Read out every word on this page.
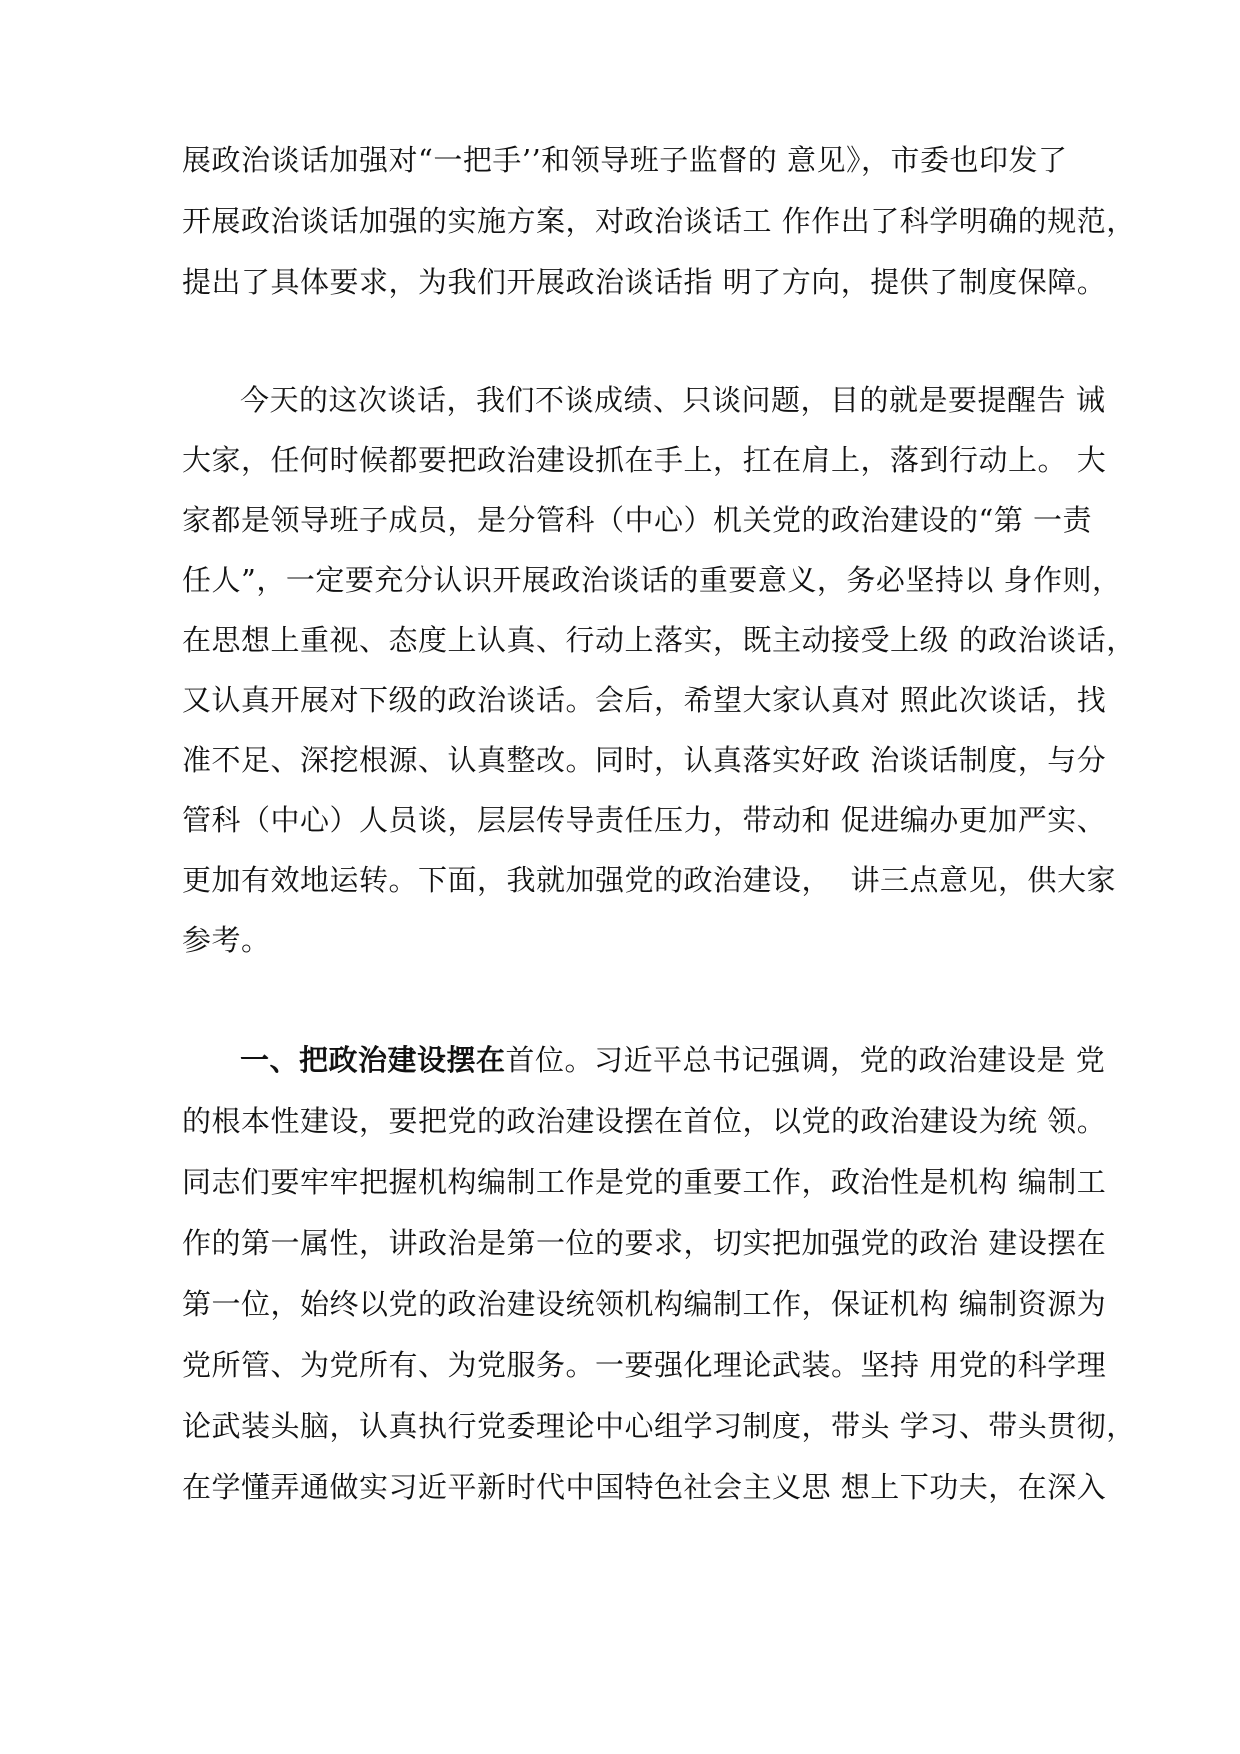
展政治谈话加强对“一把手’’和领导班子监督的 意见》，市委也印发了
开展政治谈话加强的实施方案，对政治谈话工 作作出了科学明确的规范，
提出了具体要求，为我们开展政治谈话指 明了方向，提供了制度保障。
今天的这次谈话，我们不谈成绩、只谈问题，目的就是要提醒告 诫
大家，任何时候都要把政治建设抓在手上，扛在肩上，落到行动上。 大
家都是领导班子成员，是分管科（中心）机关党的政治建设的“第 一责
任人”，一定要充分认识开展政治谈话的重要意义，务必坚持以 身作则，
在思想上重视、态度上认真、行动上落实，既主动接受上级 的政治谈话，
又认真开展对下级的政治谈话。会后，希望大家认真对 照此次谈话，找
准不足、深挖根源、认真整改。同时，认真落实好政 治谈话制度，与分
管科（中心）人员谈，层层传导责任压力，带动和 促进编办更加严实、
更加有效地运转。下面，我就加强党的政治建设，  讲三点意见，供大家
参考。
一、把政治建设摆在首位。习近平总书记强调，党的政治建设是 党
的根本性建设，要把党的政治建设摆在首位，以党的政治建设为统 领。
同志们要牢牢把握机构编制工作是党的重要工作，政治性是机构 编制工
作的第一属性，讲政治是第一位的要求，切实把加强党的政治 建设摆在
第一位，始终以党的政治建设统领机构编制工作，保证机构 编制资源为
党所管、为党所有、为党服务。一要强化理论武装。坚持 用党的科学理
论武装头脑，认真执行党委理论中心组学习制度，带头 学习、带头贯彻，
在学懂弄通做实习近平新时代中国特色社会主义思 想上下功夫，在深入
